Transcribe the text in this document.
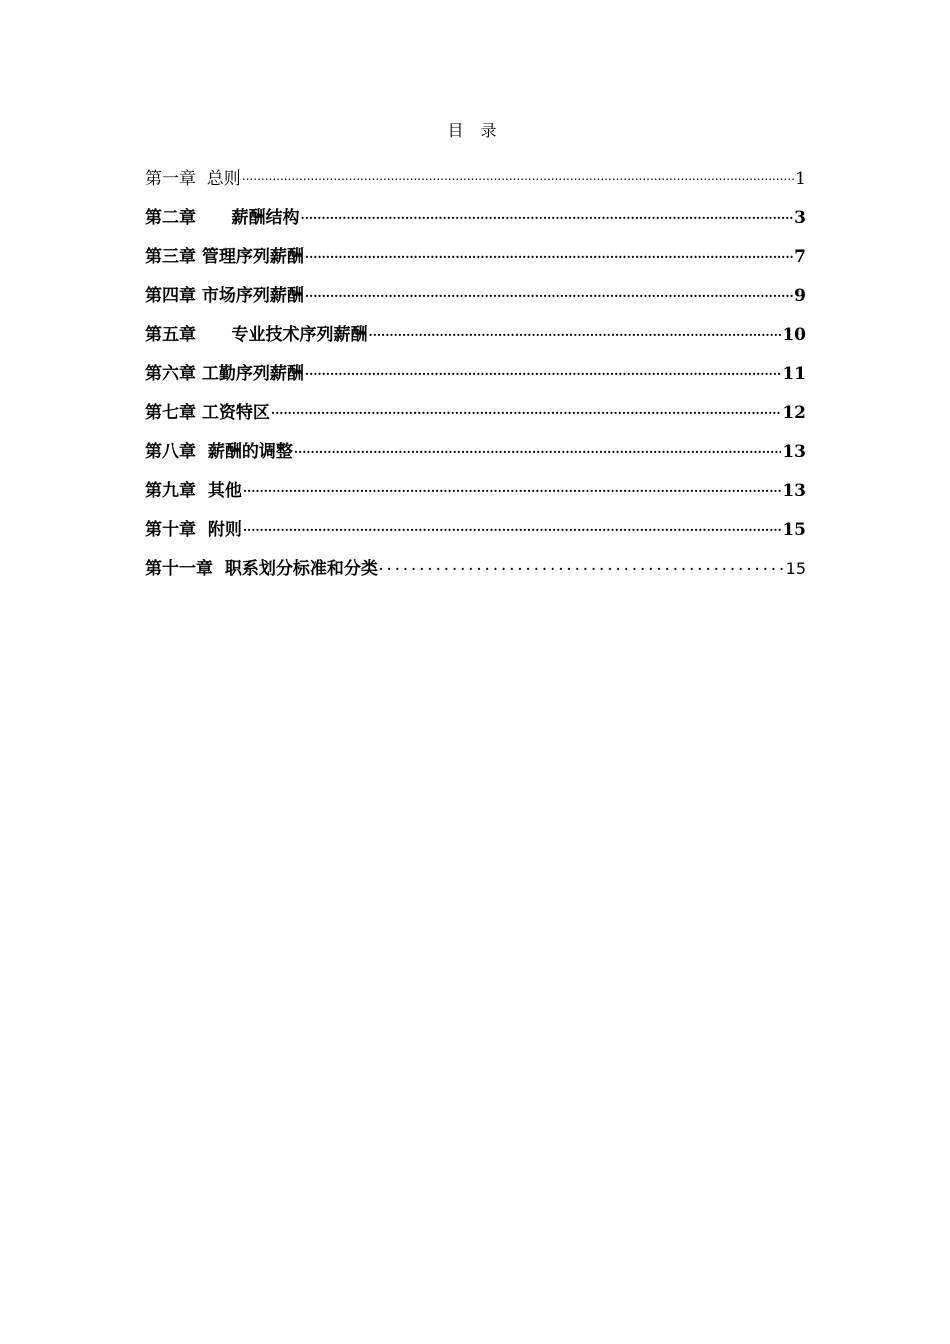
目 录
第一章  总则 .....	1
第二章      薪酬结构 .....	3
第三章 管理序列薪酬 .....	7
第四章 市场序列薪酬 .....	9
第五章      专业技术序列薪酬 .....	10
第六章 工勤序列薪酬 .....	11
第七章 工资特区 .....	12
第八章  薪酬的调整 .....	13
第九章  其他 .....	13
第十章  附则 .....	15
第十一章  职系划分标准和分类 .....	15
